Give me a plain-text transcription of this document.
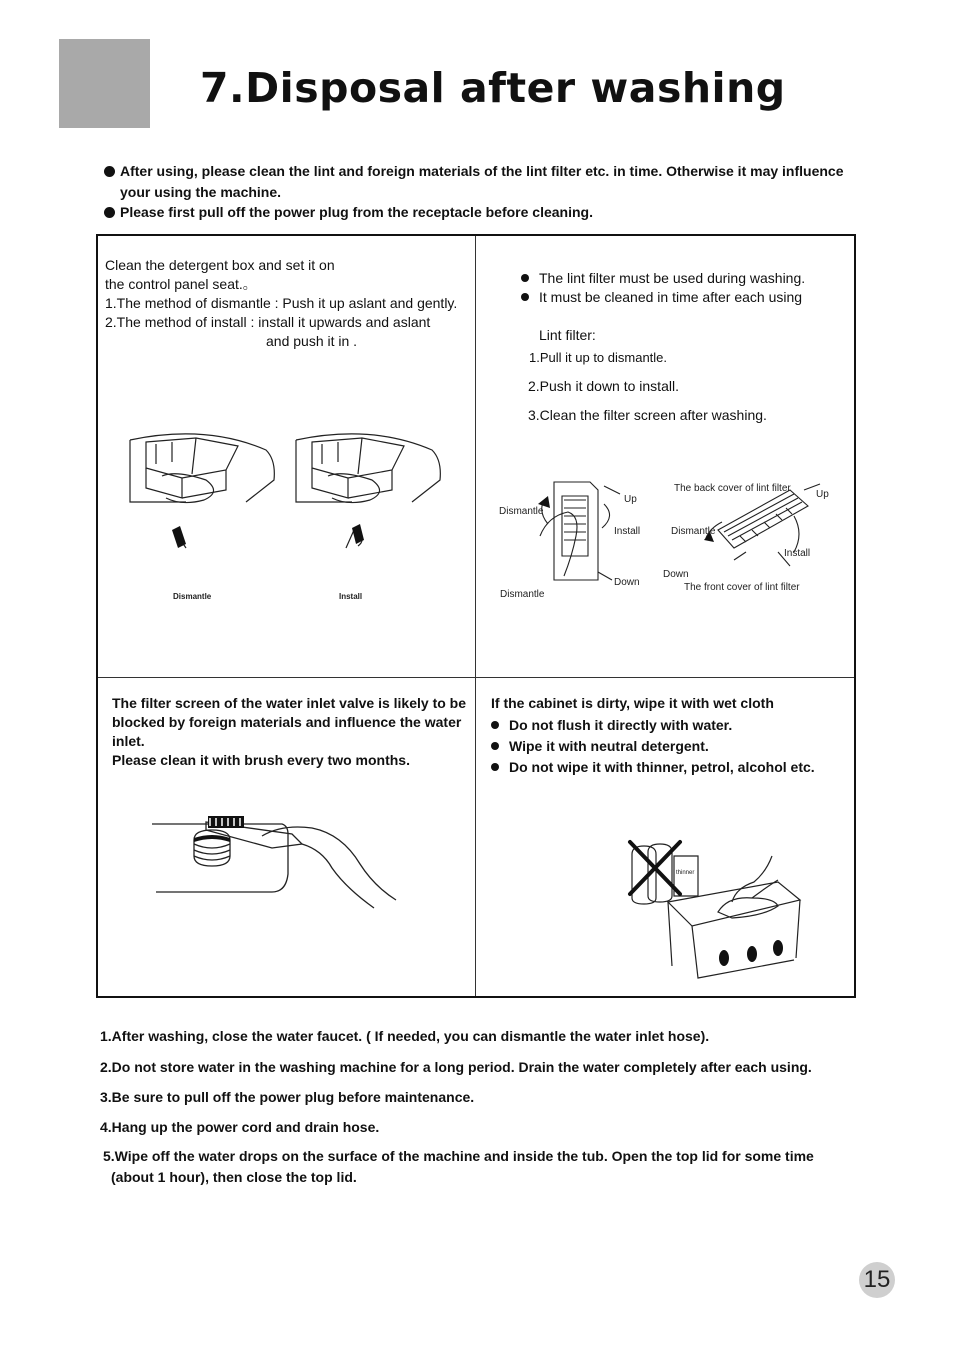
7.Disposal after washing
After using, please clean the lint and foreign materials of the lint filter etc. in time. Otherwise it may influence
your using the machine.
Please first pull off the power plug from the receptacle before cleaning.
Clean the detergent box and set it on
the control panel seat.。
1.The method of dismantle : Push it up aslant and gently.
2.The method of install : install it upwards and aslant
and push it in .
Dismantle	Install
The lint filter must be used during washing.
It must be cleaned in time after each using
Lint filter:
1.Pull it up to dismantle.
2.Push it down to install.
3.Clean the filter screen after washing.
Dismantle
Up
Install
Down
Dismantle
The back cover of lint filter
Up
Dismantle
Install
Down
The front cover of lint filter
The filter screen of the water inlet valve is likely to be
blocked by foreign materials and influence the water
inlet.
Please clean it with brush every two months.
If the cabinet is dirty, wipe it with wet cloth
Do not flush it directly with water.
Wipe it with neutral detergent.
Do not wipe it with thinner, petrol, alcohol etc.
thinner
1.After washing, close the water faucet. ( If needed, you can dismantle the water inlet hose).
2.Do not store water in the washing machine for a long period. Drain the water completely after each using.
3.Be sure to pull off the power plug before maintenance.
4.Hang up the power cord and drain hose.
5.Wipe off the water drops on the surface of the machine and inside the tub. Open the top lid for some time
(about 1 hour), then close the top lid.
15
